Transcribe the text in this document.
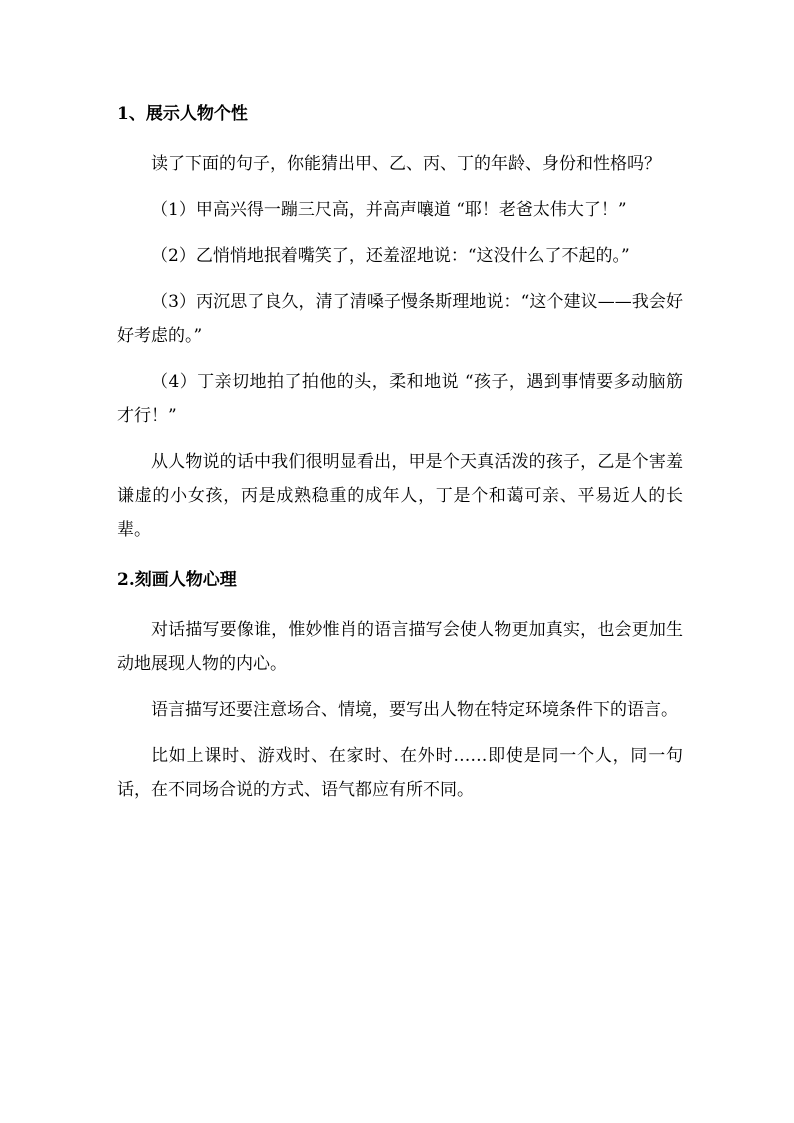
1、展示人物个性

读了下面的句子，你能猜出甲、乙、丙、丁的年龄、身份和性格吗？

（1）甲高兴得一蹦三尺高，并高声嚷道 “耶！老爸太伟大了！”

（2）乙悄悄地抿着嘴笑了，还羞涩地说：“这没什么了不起的。”

（3）丙沉思了良久，清了清嗓子慢条斯理地说：“这个建议——我会好好考虑的。”

（4）丁亲切地拍了拍他的头，柔和地说 “孩子，遇到事情要多动脑筋才行！”

从人物说的话中我们很明显看出，甲是个天真活泼的孩子，乙是个害羞谦虚的小女孩，丙是成熟稳重的成年人，丁是个和蔼可亲、平易近人的长辈。

2.刻画人物心理

对话描写要像谁，惟妙惟肖的语言描写会使人物更加真实，也会更加生动地展现人物的内心。

语言描写还要注意场合、情境，要写出人物在特定环境条件下的语言。

比如上课时、游戏时、在家时、在外时……即使是同一个人，同一句话，在不同场合说的方式、语气都应有所不同。
